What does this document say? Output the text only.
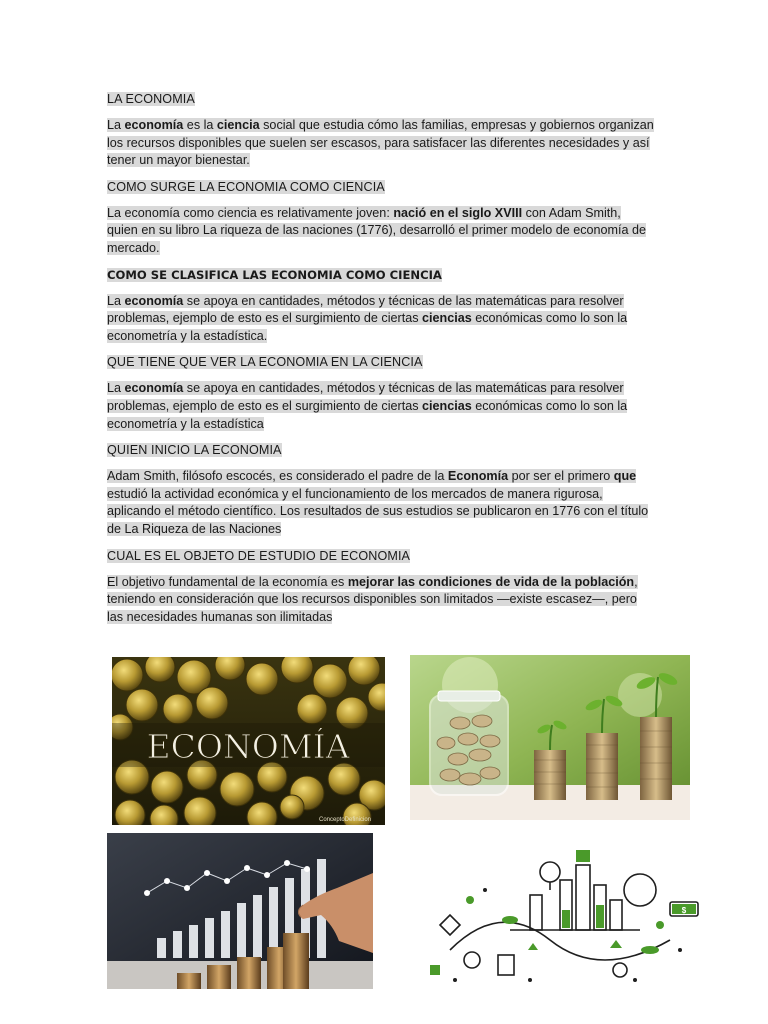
LA ECONOMIA

La economía es la ciencia social que estudia cómo las familias, empresas y gobiernos organizan los recursos disponibles que suelen ser escasos, para satisfacer las diferentes necesidades y así tener un mayor bienestar.

COMO SURGE LA ECONOMIA COMO CIENCIA

La economía como ciencia es relativamente joven: nació en el siglo XVIII con Adam Smith, quien en su libro La riqueza de las naciones (1776), desarrolló el primer modelo de economía de mercado.

COMO SE CLASIFICA LAS ECONOMIA COMO CIENCIA

La economía se apoya en cantidades, métodos y técnicas de las matemáticas para resolver problemas, ejemplo de esto es el surgimiento de ciertas ciencias económicas como lo son la econometría y la estadística.

QUE TIENE QUE VER LA ECONOMIA EN LA CIENCIA

La economía se apoya en cantidades, métodos y técnicas de las matemáticas para resolver problemas, ejemplo de esto es el surgimiento de ciertas ciencias económicas como lo son la econometría y la estadística

QUIEN INICIO LA ECONOMIA

Adam Smith, filósofo escocés, es considerado el padre de la Economía por ser el primero que estudió la actividad económica y el funcionamiento de los mercados de manera rigurosa, aplicando el método científico. Los resultados de sus estudios se publicaron en 1776 con el título de La Riqueza de las Naciones

CUAL ES EL OBJETO DE ESTUDIO DE ECONOMIA

El objetivo fundamental de la economía es mejorar las condiciones de vida de la población, teniendo en consideración que los recursos disponibles son limitados —existe escasez—, pero las necesidades humanas son ilimitadas

ECONOMÍA
ConceptoDefinicion
$
